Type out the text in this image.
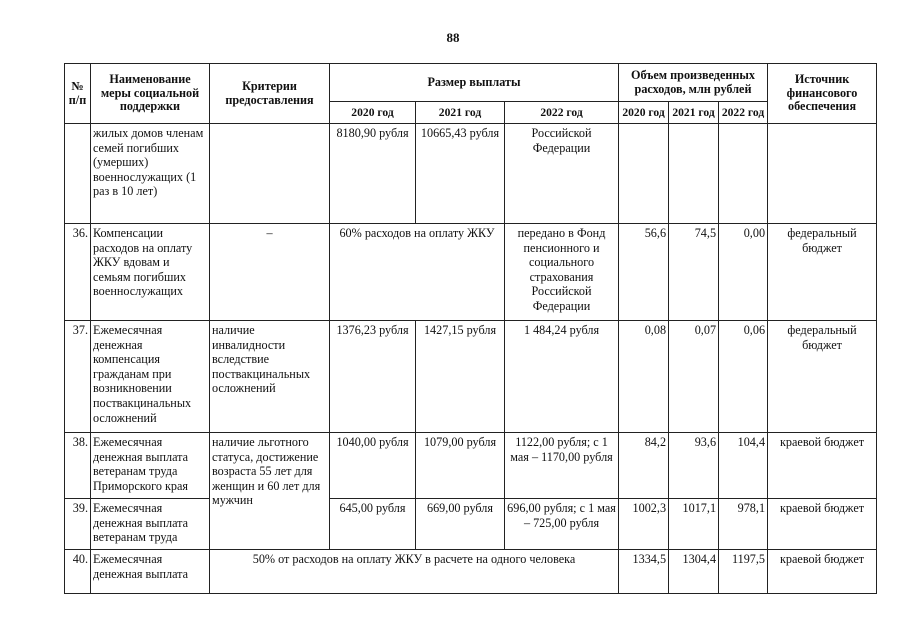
88
№ п/п	Наименование меры социальной поддержки	Критерии предоставления	Размер выплаты			Объем произведенных расходов, млн рублей			Источник финансового обеспечения
			2020 год	2021 год	2022 год	2020 год	2021 год	2022 год	
	жилых домов членам семей погибших (умерших) военнослужащих (1 раз в 10 лет)		8180,90 рубля	10665,43 рубля	Российской Федерации				
36.	Компенсации расходов на оплату ЖКУ вдовам и семьям погибших военнослужащих	–	60% расходов на оплату ЖКУ		передано в Фонд пенсионного и социального страхования Российской Федерации	56,6	74,5	0,00	федеральный бюджет
37.	Ежемесячная денежная компенсация гражданам при возникновении поствакцинальных осложнений	наличие инвалидности вследствие поствакцинальных осложнений	1376,23 рубля	1427,15 рубля	1 484,24 рубля	0,08	0,07	0,06	федеральный бюджет
38.	Ежемесячная денежная выплата ветеранам труда Приморского края	наличие льготного статуса, достижение возраста 55 лет для женщин и 60 лет для мужчин	1040,00 рубля	1079,00 рубля	1122,00 рубля; с 1 мая – 1170,00 рубля	84,2	93,6	104,4	краевой бюджет
39.	Ежемесячная денежная выплата ветеранам труда		645,00 рубля	669,00 рубля	696,00 рубля; с 1 мая – 725,00 рубля	1002,3	1017,1	978,1	краевой бюджет
40.	Ежемесячная денежная выплата	50% от расходов на оплату ЖКУ в расчете на одного человека				1334,5	1304,4	1197,5	краевой бюджет
